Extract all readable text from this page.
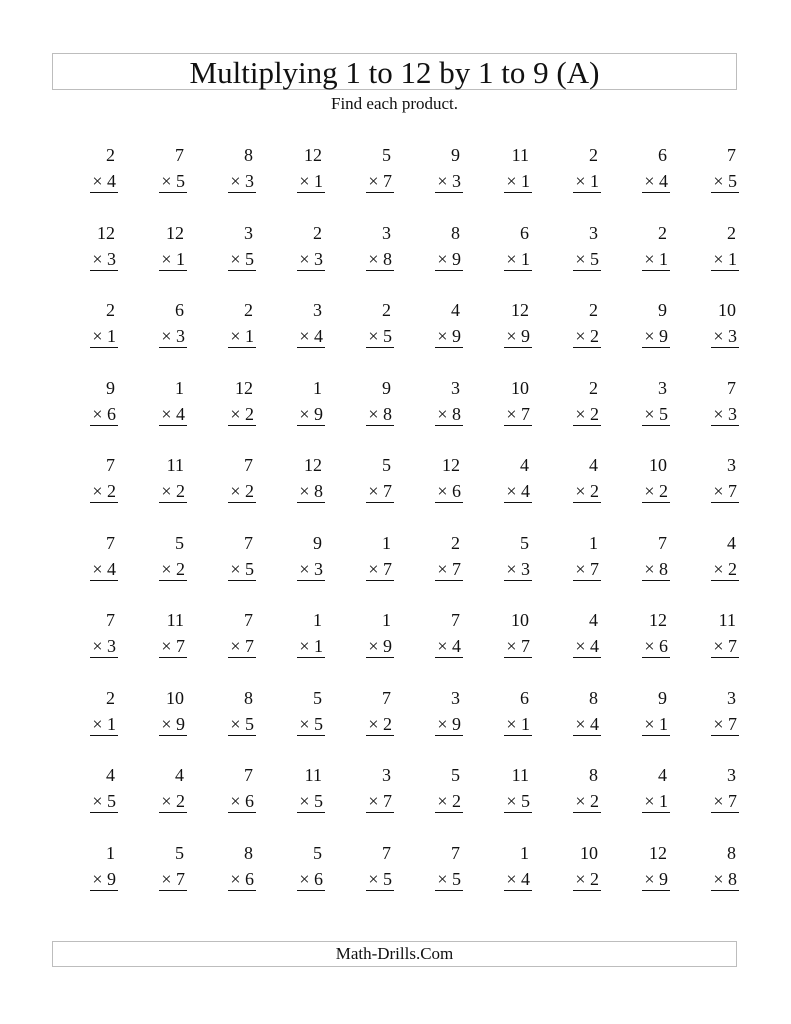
Multiplying 1 to 12 by 1 to 9 (A)
Find each product.
2
× 4
7
× 5
8
× 3
12
× 1
5
× 7
9
× 3
11
× 1
2
× 1
6
× 4
7
× 5
12
× 3
12
× 1
3
× 5
2
× 3
3
× 8
8
× 9
6
× 1
3
× 5
2
× 1
2
× 1
2
× 1
6
× 3
2
× 1
3
× 4
2
× 5
4
× 9
12
× 9
2
× 2
9
× 9
10
× 3
9
× 6
1
× 4
12
× 2
1
× 9
9
× 8
3
× 8
10
× 7
2
× 2
3
× 5
7
× 3
7
× 2
11
× 2
7
× 2
12
× 8
5
× 7
12
× 6
4
× 4
4
× 2
10
× 2
3
× 7
7
× 4
5
× 2
7
× 5
9
× 3
1
× 7
2
× 7
5
× 3
1
× 7
7
× 8
4
× 2
7
× 3
11
× 7
7
× 7
1
× 1
1
× 9
7
× 4
10
× 7
4
× 4
12
× 6
11
× 7
2
× 1
10
× 9
8
× 5
5
× 5
7
× 2
3
× 9
6
× 1
8
× 4
9
× 1
3
× 7
4
× 5
4
× 2
7
× 6
11
× 5
3
× 7
5
× 2
11
× 5
8
× 2
4
× 1
3
× 7
1
× 9
5
× 7
8
× 6
5
× 6
7
× 5
7
× 5
1
× 4
10
× 2
12
× 9
8
× 8
Math-Drills.Com
